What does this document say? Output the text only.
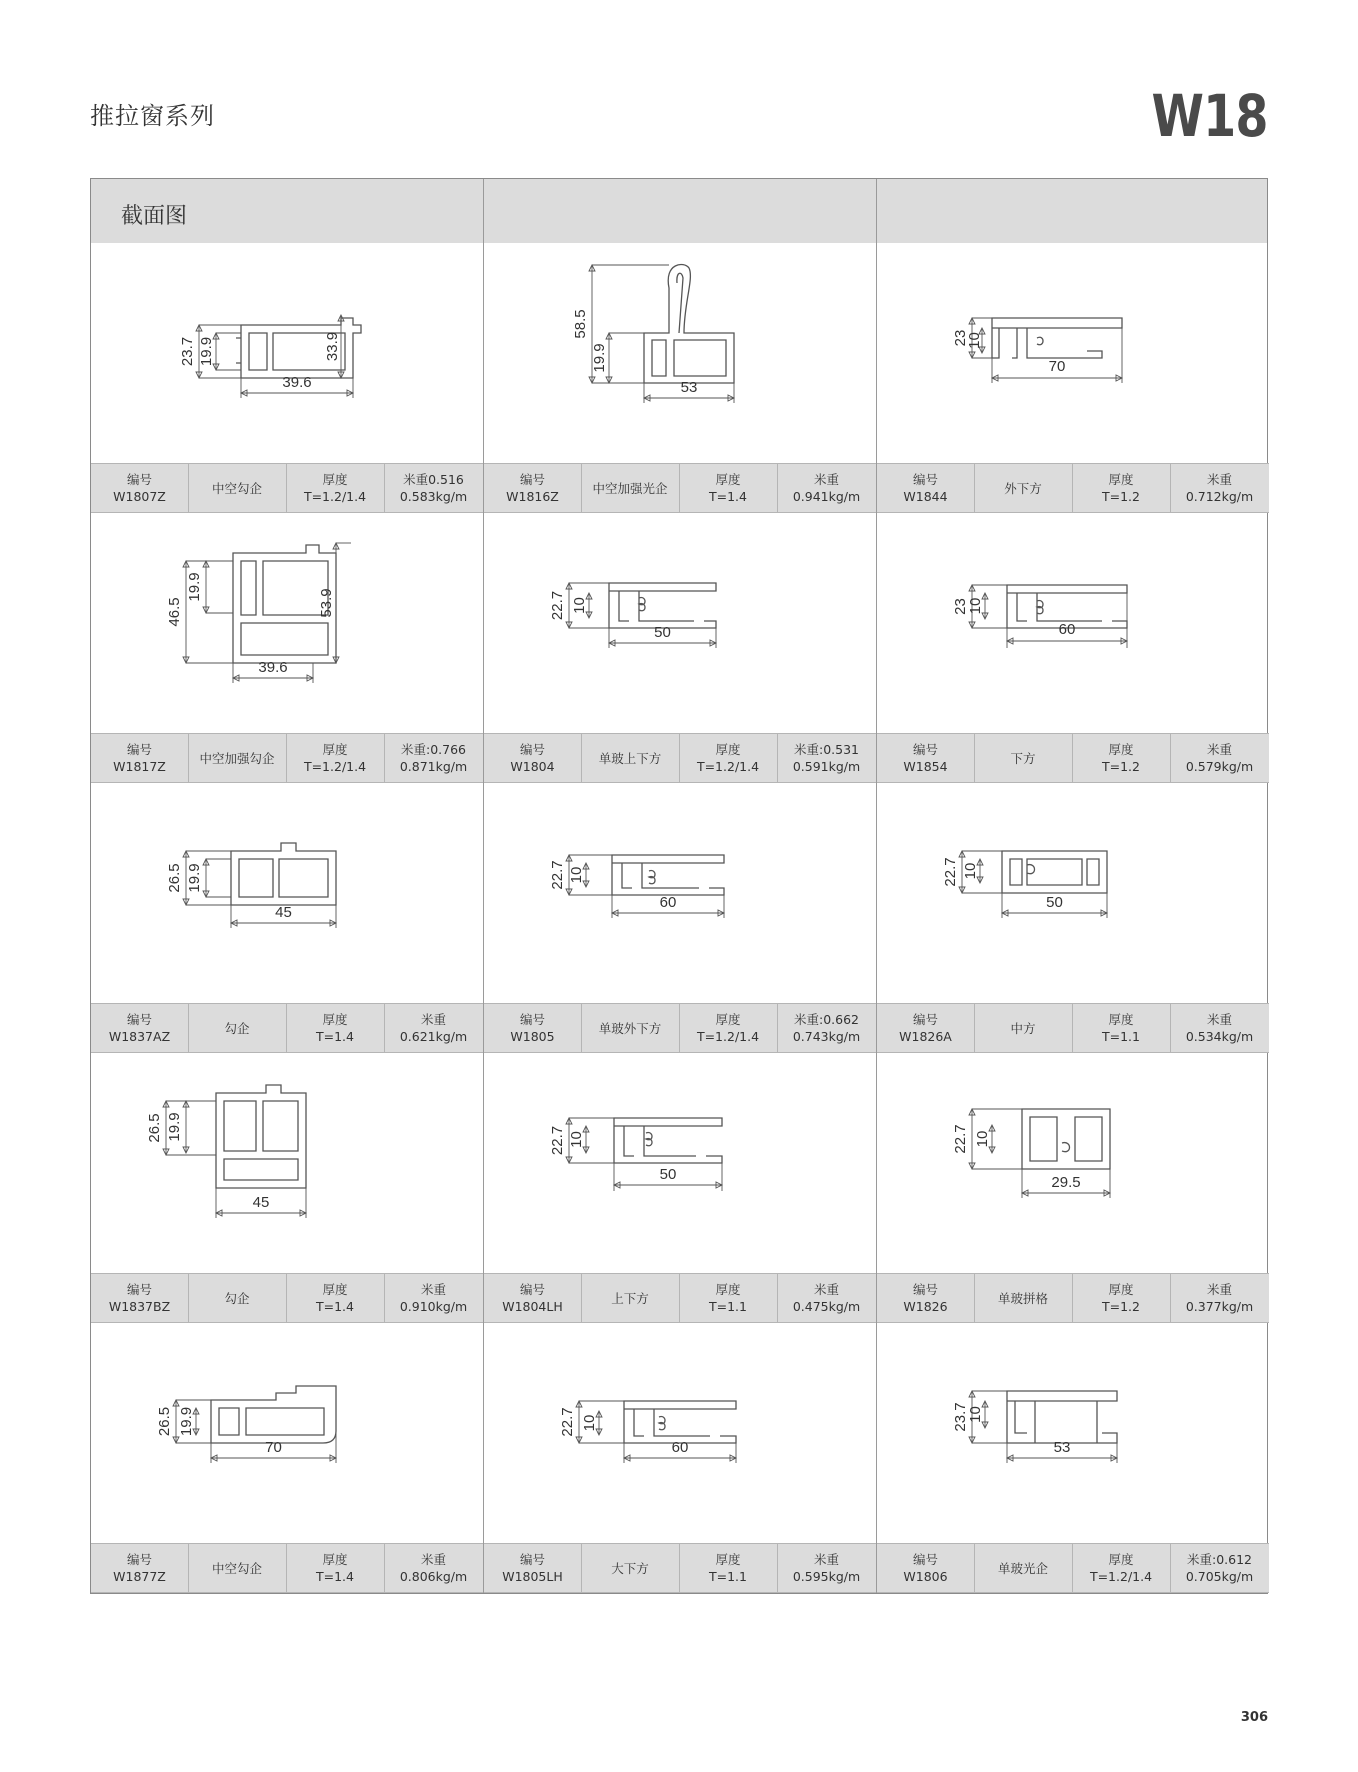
推拉窗系列	W18
截面图
23.7 19.9	33.9
39.6
编号
W1807Z
中空勾企
厚度
T=1.2/1.4
米重0.516
0.583kg/m
58.5
19.9
53
编号
W1816Z
中空加强光企
厚度
T=1.4
米重
0.941kg/m
23
10
70
编号
W1844
外下方
厚度
T=1.2
米重
0.712kg/m
46.5
19.9
53.9
39.6
编号
W1817Z
中空加强勾企
厚度
T=1.2/1.4
米重:0.766
0.871kg/m
22.7 10
50
编号
W1804
单玻上下方
厚度
T=1.2/1.4
米重:0.531
0.591kg/m
23
10
60
编号
W1854
下方
厚度
T=1.2
米重
0.579kg/m
26.5 19.9
45
编号
W1837AZ
勾企
厚度
T=1.4
米重
0.621kg/m
22.7 10
60
编号
W1805
单玻外下方
厚度
T=1.2/1.4
米重:0.662
0.743kg/m
22.7 10
50
编号
W1826A
中方
厚度
T=1.1
米重
0.534kg/m
26.5 19.9
45
编号
W1837BZ
勾企
厚度
T=1.4
米重
0.910kg/m
22.7 10
50
编号
W1804LH
上下方
厚度
T=1.1
米重
0.475kg/m
22.7 10
29.5
编号
W1826
单玻拼格
厚度
T=1.2
米重
0.377kg/m
26.5 19.9
70
编号
W1877Z
中空勾企
厚度
T=1.4
米重
0.806kg/m
22.7 10
60
编号
W1805LH
大下方
厚度
T=1.1
米重
0.595kg/m
23.7
10
53
编号
W1806
单玻光企
厚度
T=1.2/1.4
米重:0.612
0.705kg/m
306
